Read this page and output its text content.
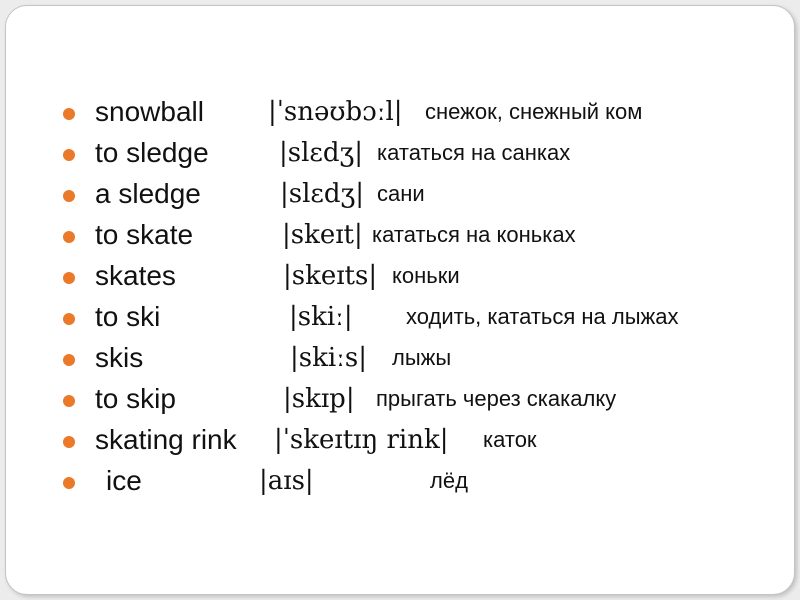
snowball |ˈsnəʊbɔːl| снежок, снежный ком
to sledge	|slɛdʒ| кататься на санках
a sledge	|slɛdʒ| сани
to skate	|skeɪt| кататься на коньках
skates	|skeɪts| коньки
to ski	|skiː| ходить, кататься на лыжах
skis	|skiːs| лыжы
to skip	|skɪp| прыгать через скакалку
skating rink |ˈskeɪtɪŋ rink| каток
ice	|aɪs|	лёд
